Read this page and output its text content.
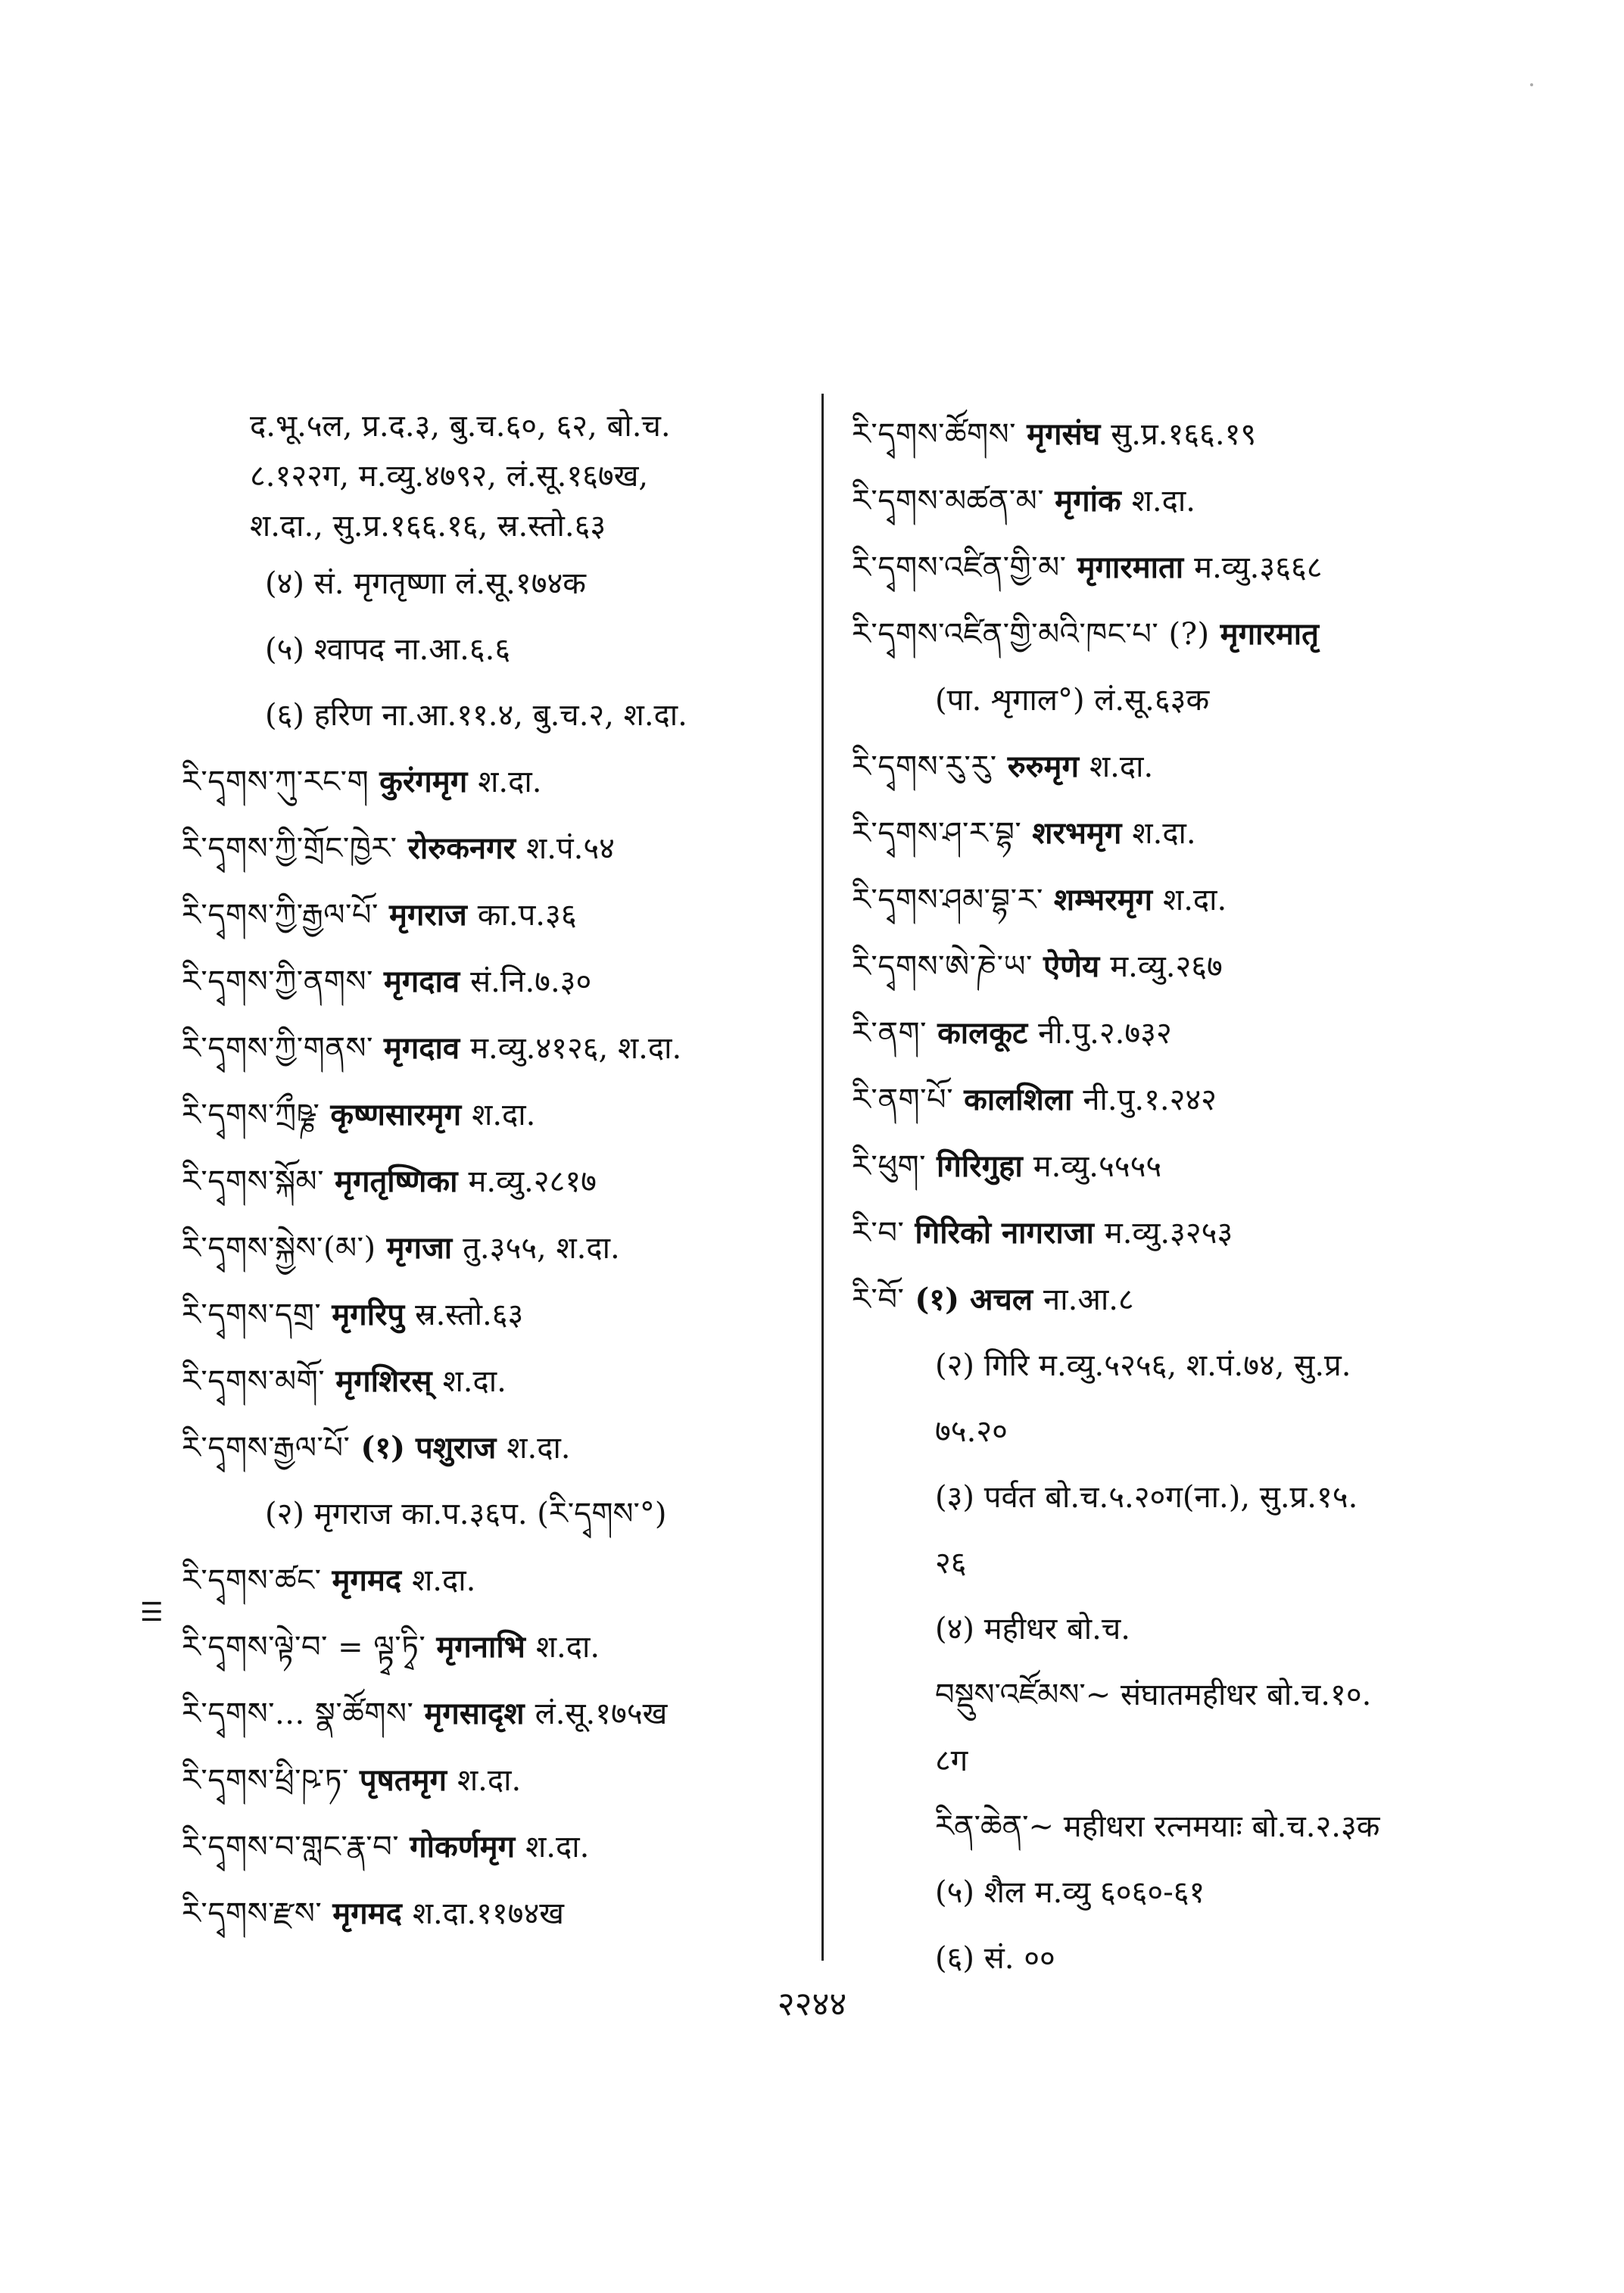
द.भू.५ल, प्र.द.३, बु.च.६०, ६२, बो.च.
८.१२२ग, म.व्यु.४७९२, लं.सू.१६७ख,
श.दा., सु.प्र.१६६.१६, स्र.स्तो.६३
(४) सं. मृगतृष्णा लं.सू.१७४क
(५) श्वापद ना.आ.६.६
(६) हरिण ना.आ.११.४, बु.च.२, श.दा.
རི་དྭགས་ཀུ་རང་ག कुरंगमृग श.दा.
རི་དྭགས་ཀྱི་གྲོང་ཁྱེར་ रोरुकनगर श.पं.५४
རི་དྭགས་ཀྱི་རྒྱལ་པོ་ मृगराज का.प.३६
རི་དྭགས་ཀྱི་ནགས་ मृगदाव सं.नि.७.३०
རི་དྭགས་ཀྱི་གནས་ मृगदाव म.व्यु.४१२६, श.दा.
རི་དྭགས་ཀྲྀཥྞ་ कृष्णसारमृग श.दा.
རི་དྭགས་སྐོམ་ मृगतृष्णिका म.व्यु.२८१७
རི་དྭགས་སྐྱེས་(མ་) मृगजा तु.३५५, श.दा.
རི་དྭགས་དགྲ་ मृगरिपु स्र.स्तो.६३
རི་དྭགས་མགོ་ मृगशिरस् श.दा.
རི་དྭགས་རྒྱལ་པོ་ (१) पशुराज श.दा.
(२) मृगराज का.प.३६प. (རི་དྭགས་°)
རི་དྭགས་ཚང་ मृगमद श.दा.
རི་དྭགས་ལྟེ་བ་ = ལྟྭ་ཏྭི་ मृगनाभि श.दा.
རི་དྭགས་... སྣ་ཚོགས་ मृगसादृश लं.सू.१७५ख
རི་དྭགས་ཕྲི་ཥ་ཏ་ पृषतमृग श.दा.
རི་དྭགས་བ་གླང་རྣ་བ་ गोकर्णमृग श.दा.
རི་དྭགས་རྫས་ मृगमद श.दा.११७४ख
རི་དྭགས་ཚོགས་ मृगसंघ सु.प्र.१६६.१९
རི་དྭགས་མཚན་མ་ मृगांक श.दा.
རི་དྭགས་འཛིན་གྱི་མ་ मृगारमाता म.व्यु.३६६८
རི་དྭགས་འཛིན་གྱི་མའི་ཁང་པ་ (?) मृगारमातृ
(पा. शृगाल°) लं.सू.६३क
རི་དྭགས་རུ་རུ་ रुरुमृग श.दा.
རི་དྭགས་ཤ་ར་བྷ་ शरभमृग श.दा.
རི་དྭགས་ཤམ་བྷ་ར་ शम्भरमृग श.दा.
རི་དྭགས་ཨེ་ཎེ་ཡ་ ऐणेय म.व्यु.२६७
རི་ནག་ कालकूट नी.पु.२.७३२
རི་ནག་པོ་ कालशिला नी.पु.१.२४२
རི་ཕུག་ गिरिगुहा म.व्यु.५५५५
རི་བ་ गिरिको नागराजा म.व्यु.३२५३
རི་བོ་ (१) अचल ना.आ.८
(२) गिरि म.व्यु.५२५६, श.पं.७४, सु.प्र.
७५.२०
(३) पर्वत बो.च.५.२०ग(ना.), सु.प्र.१५.
२६
(४) महीधर बो.च.
བསྡུས་འཛོམས་~ संघातमहीधर बो.च.१०.
८ग
རིན་ཆེན་~ महीधरा रत्नमयाः बो.च.२.३क
(५) शैल म.व्यु ६०६०-६१
(६) सं. ००
☰
२२४४
